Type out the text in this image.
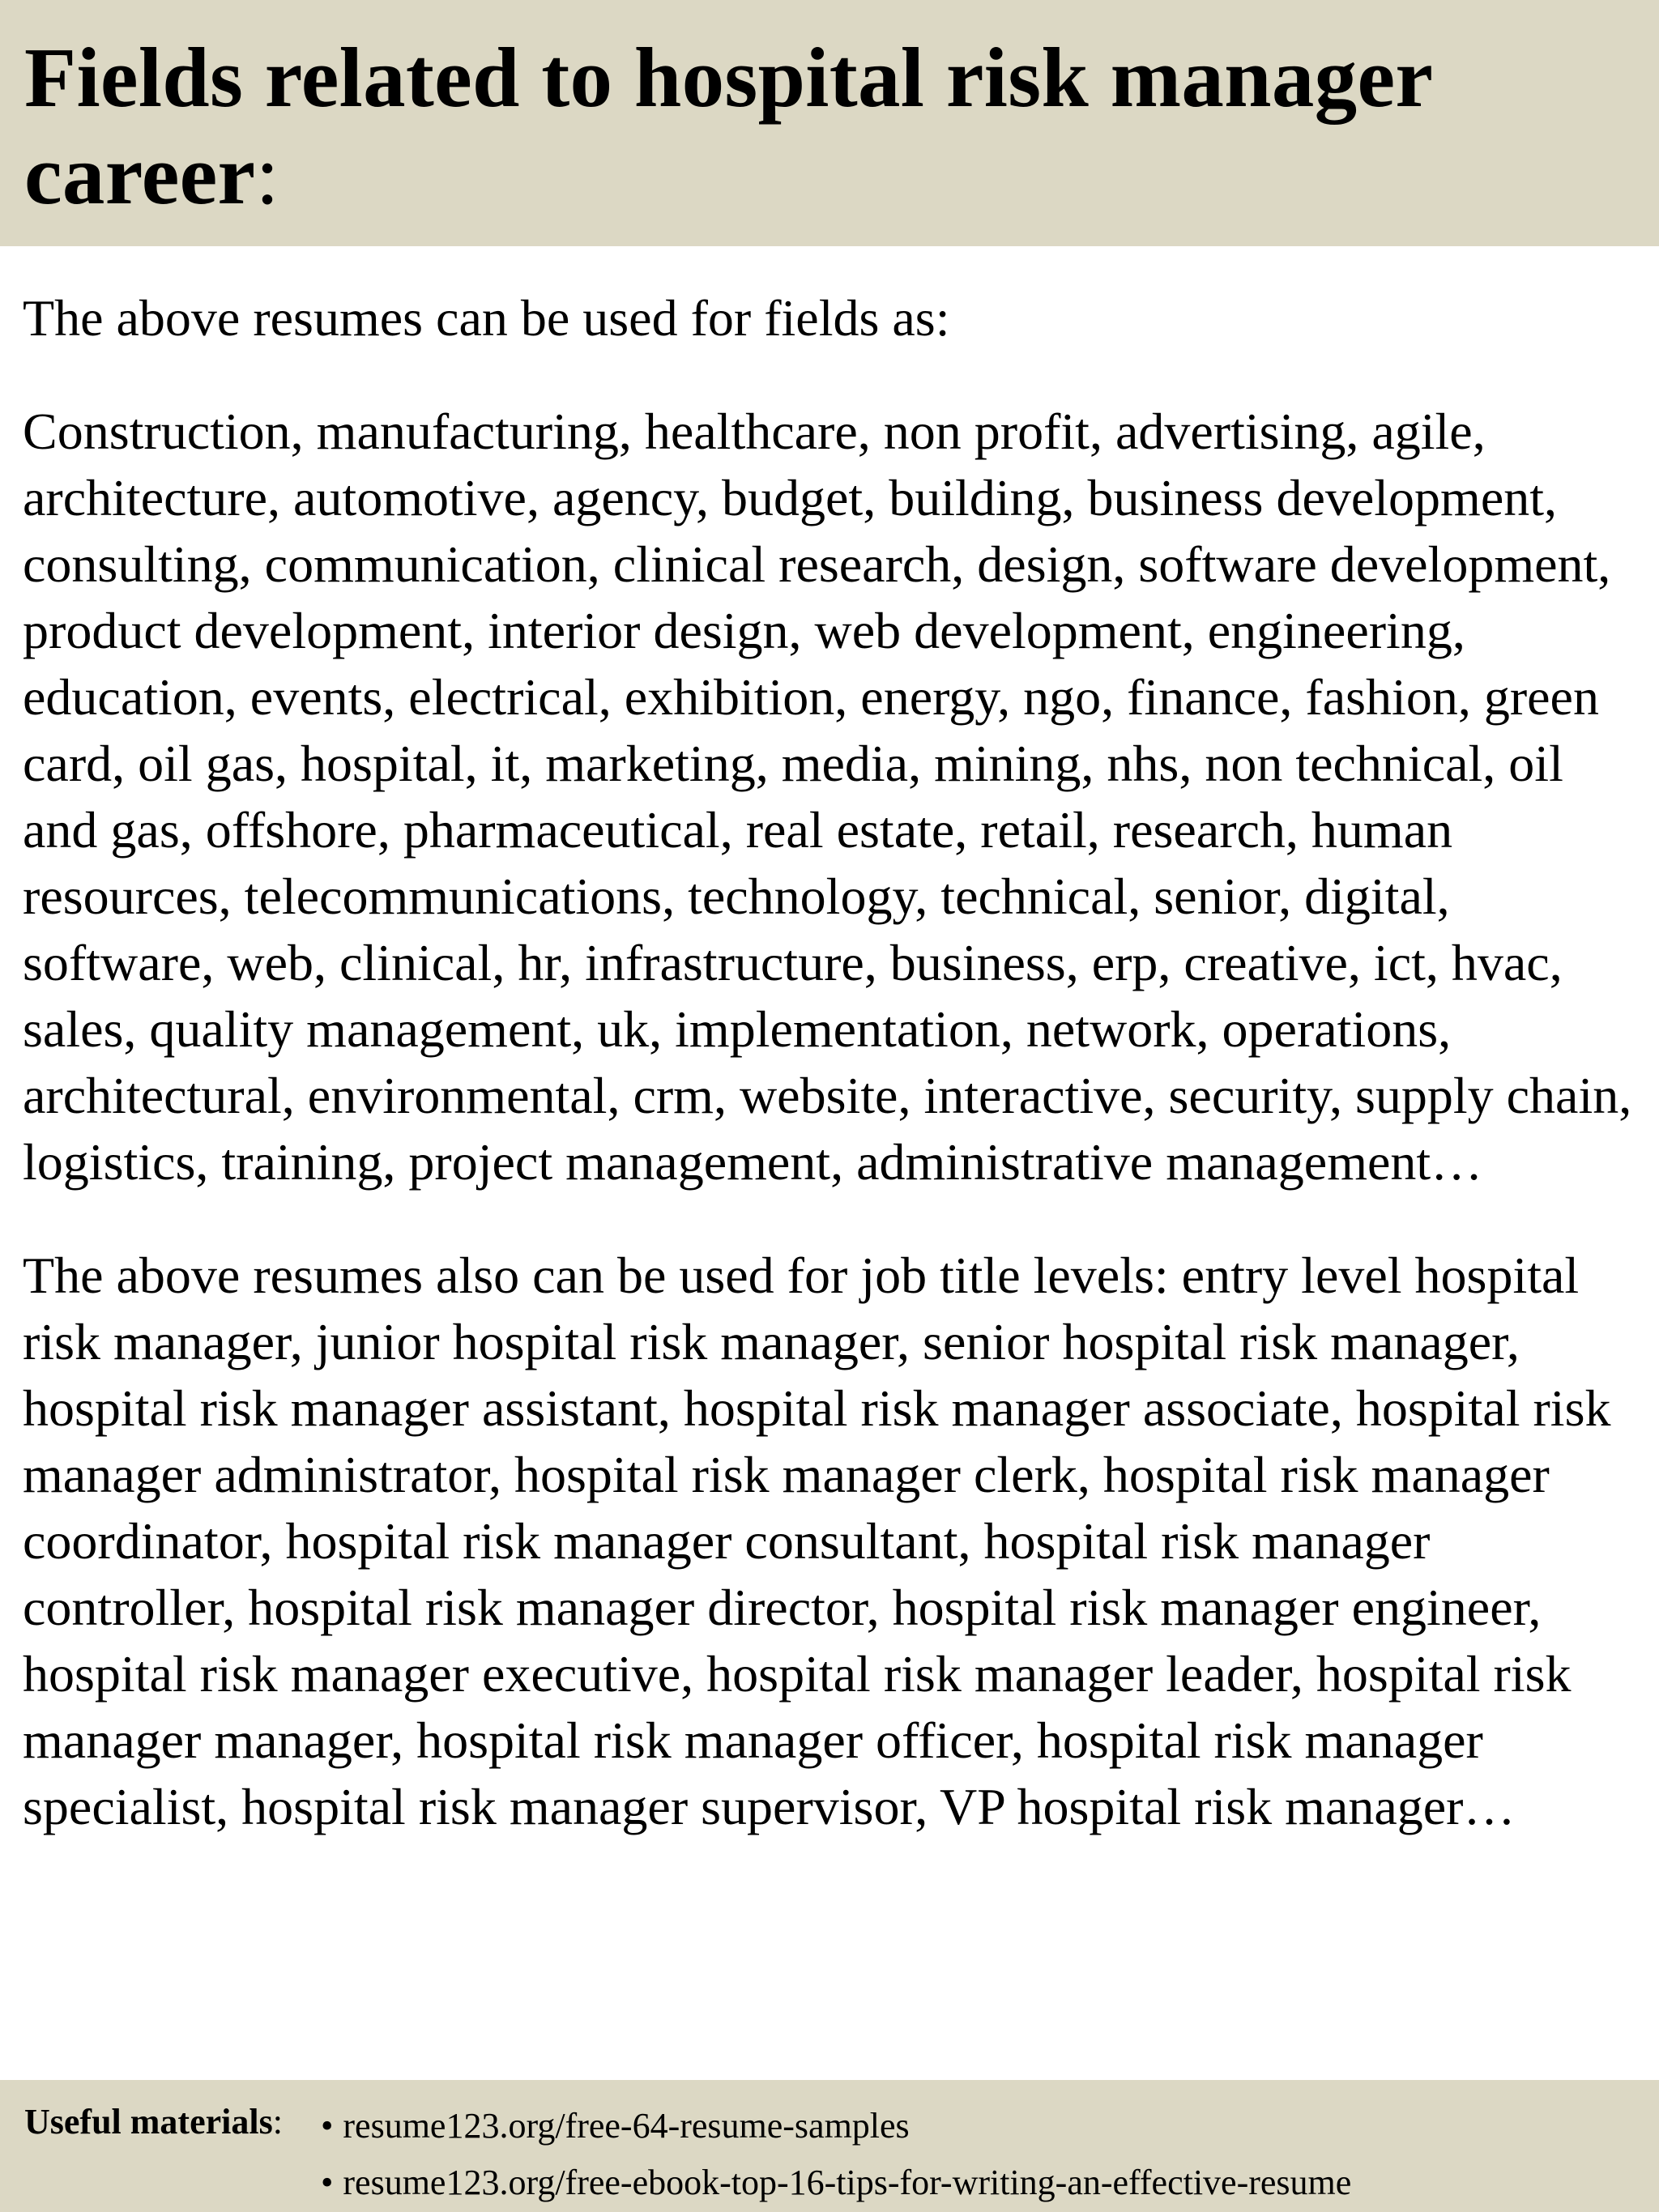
Fields related to hospital risk manager career:

The above resumes can be used for fields as:

Construction, manufacturing, healthcare, non profit, advertising, agile, architecture, automotive, agency, budget, building, business development, consulting, communication, clinical research, design, software development, product development, interior design, web development, engineering, education, events, electrical, exhibition, energy, ngo, finance, fashion, green card, oil gas, hospital, it, marketing, media, mining, nhs, non technical, oil and gas, offshore, pharmaceutical, real estate, retail, research, human resources, telecommunications, technology, technical, senior, digital, software, web, clinical, hr, infrastructure, business, erp, creative, ict, hvac, sales, quality management, uk, implementation, network, operations, architectural, environmental, crm, website, interactive, security, supply chain, logistics, training, project management, administrative management…

The above resumes also can be used for job title levels: entry level hospital risk manager, junior hospital risk manager, senior hospital risk manager, hospital risk manager assistant, hospital risk manager associate, hospital risk manager administrator, hospital risk manager clerk, hospital risk manager coordinator, hospital risk manager consultant, hospital risk manager controller, hospital risk manager director, hospital risk manager engineer, hospital risk manager executive, hospital risk manager leader, hospital risk manager manager, hospital risk manager officer, hospital risk manager specialist, hospital risk manager supervisor, VP hospital risk manager…

Useful materials: • resume123.org/free-64-resume-samples
• resume123.org/free-ebook-top-16-tips-for-writing-an-effective-resume
